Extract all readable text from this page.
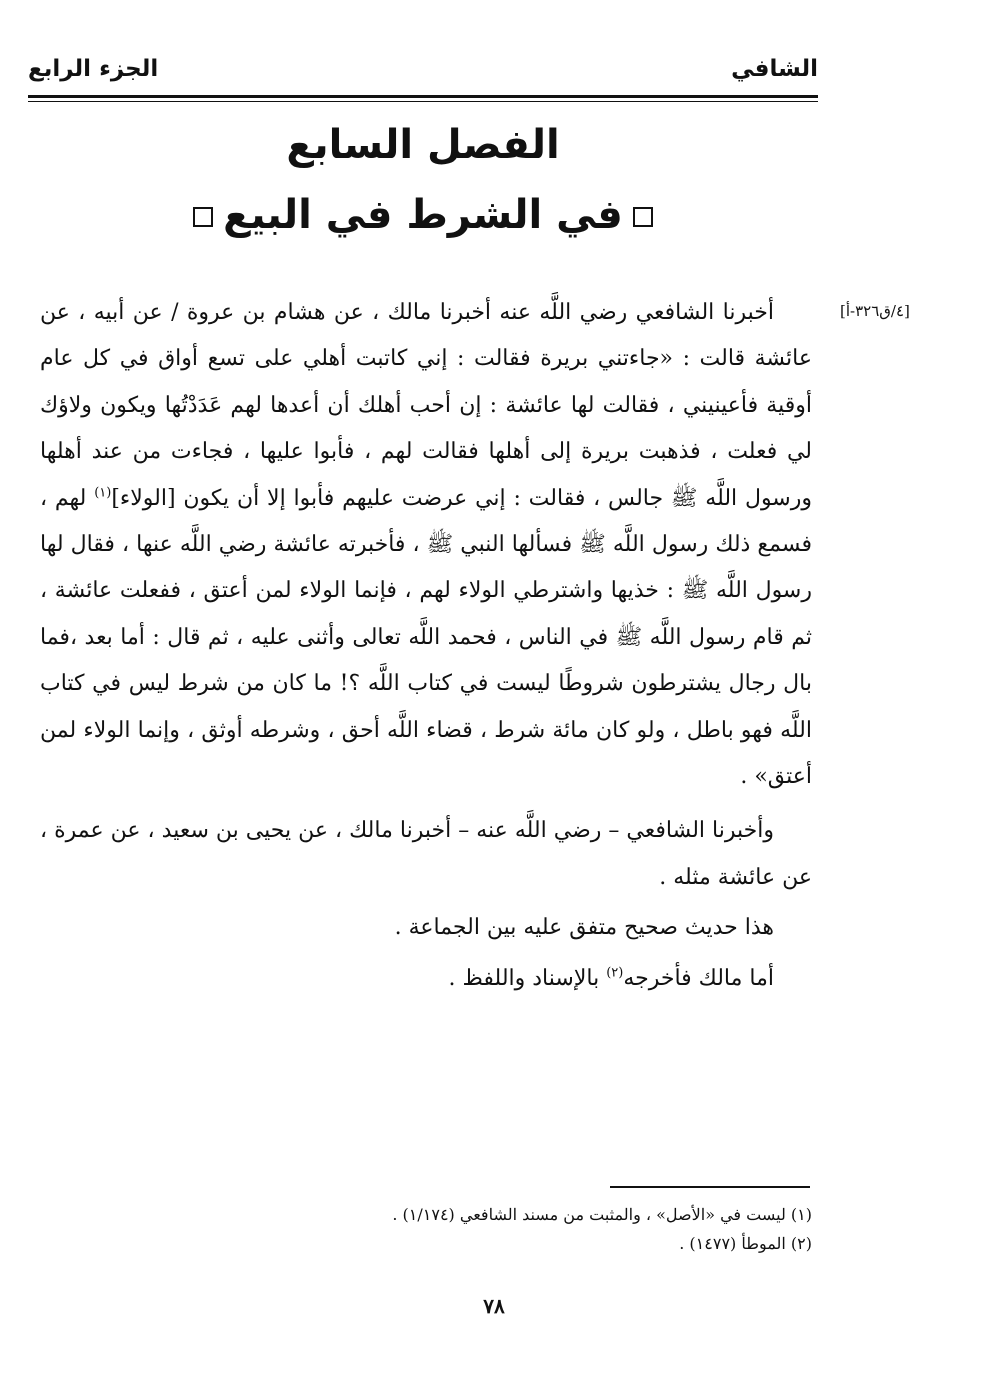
الشافي
الجزء الرابع
الفصل السابع
في الشرط في البيع
[٤/ق٣٢٦-أ]

أخبرنا الشافعي رضي اللَّه عنه أخبرنا مالك ، عن هشام بن عروة / عن أبيه ، عن عائشة قالت : «جاءتني بريرة فقالت : إني كاتبت أهلي على تسع أواق في كل عام أوقية فأعينيني ، فقالت لها عائشة : إن أحب أهلك أن أعدها لهم عَدَدْتُها ويكون ولاؤك لي فعلت ، فذهبت بريرة إلى أهلها فقالت لهم ، فأبوا عليها ، فجاءت من عند أهلها ورسول اللَّه ﷺ جالس ، فقالت : إني عرضت عليهم فأبوا إلا أن يكون [الولاء]$^{(١)}$ لهم ، فسمع ذلك رسول اللَّه ﷺ فسألها النبي ﷺ ، فأخبرته عائشة رضي اللَّه عنها ، فقال لها رسول اللَّه ﷺ : خذيها واشترطي الولاء لهم ، فإنما الولاء لمن أعتق ، ففعلت عائشة ، ثم قام رسول اللَّه ﷺ في الناس ، فحمد اللَّه تعالى وأثنى عليه ، ثم قال : أما بعد ،فما بال رجال يشترطون شروطًا ليست في كتاب اللَّه ؟! ما كان من شرط ليس في كتاب اللَّه فهو باطل ، ولو كان مائة شرط ، قضاء اللَّه أحق ، وشرطه أوثق ، وإنما الولاء لمن أعتق» .

وأخبرنا الشافعي – رضي اللَّه عنه – أخبرنا مالك ، عن يحيى بن سعيد ، عن عمرة ، عن عائشة مثله .

هذا حديث صحيح متفق عليه بين الجماعة .

أما مالك فأخرجه$^{(٢)}$ بالإسناد واللفظ .

(١) ليست في «الأصل» ، والمثبت من مسند الشافعي (١/١٧٤) .

(٢) الموطأ (١٤٧٧) .

٧٨
